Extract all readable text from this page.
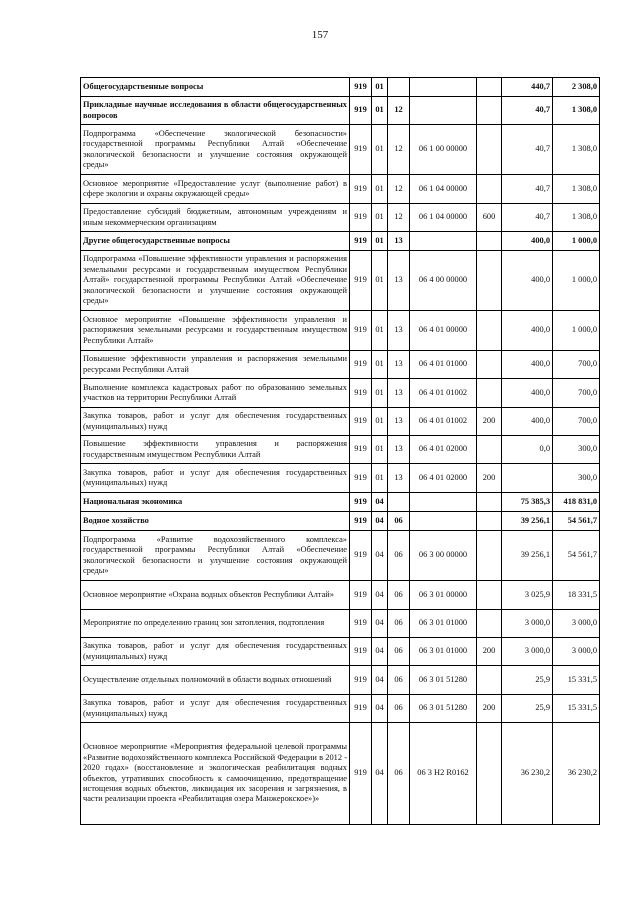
157
Общегосударственные вопросы	919	01				440,7	2 308,0
Прикладные научные исследования в области общегосударственных вопросов	919	01	12			40,7	1 308,0
Подпрограмма «Обеспечение экологической безопасности» государственной программы Республики Алтай «Обеспечение экологической безопасности и улучшение состояния окружающей среды»	919	01	12	06 1 00 00000		40,7	1 308,0
Основное мероприятие «Предоставление услуг (выполнение работ) в сфере экологии и охраны окружающей среды»	919	01	12	06 1 04 00000		40,7	1 308,0
Предоставление субсидий бюджетным, автономным учреждениям и иным некоммерческим организациям	919	01	12	06 1 04 00000	600	40,7	1 308,0
Другие общегосударственные вопросы	919	01	13			400,0	1 000,0
Подпрограмма «Повышение эффективности управления и распоряжения земельными ресурсами и государственным имуществом Республики Алтай» государственной программы Республики Алтай «Обеспечение экологической безопасности и улучшение состояния окружающей среды»	919	01	13	06 4 00 00000		400,0	1 000,0
Основное мероприятие «Повышение эффективности управления и распоряжения земельными ресурсами и государственным имуществом Республики Алтай»	919	01	13	06 4 01 00000		400,0	1 000,0
Повышение эффективности управления и распоряжения земельными ресурсами Республики Алтай	919	01	13	06 4 01 01000		400,0	700,0
Выполнение комплекса кадастровых работ по образованию земельных участков на территории Республики Алтай	919	01	13	06 4 01 01002		400,0	700,0
Закупка товаров, работ и услуг для обеспечения государственных (муниципальных) нужд	919	01	13	06 4 01 01002	200	400,0	700,0
Повышение эффективности управления и распоряжения государственным имуществом Республики Алтай	919	01	13	06 4 01 02000		0,0	300,0
Закупка товаров, работ и услуг для обеспечения государственных (муниципальных) нужд	919	01	13	06 4 01 02000	200		300,0
Национальная экономика	919	04				75 385,3	418 831,0
Водное хозяйство	919	04	06			39 256,1	54 561,7
Подпрограмма «Развитие водохозяйственного комплекса» государственной программы Республики Алтай «Обеспечение экологической безопасности и улучшение состояния окружающей среды»	919	04	06	06 3 00 00000		39 256,1	54 561,7
Основное мероприятие «Охрана водных объектов Республики Алтай»	919	04	06	06 3 01 00000		3 025,9	18 331,5
Мероприятие по определению границ зон затопления, подтопления	919	04	06	06 3 01 01000		3 000,0	3 000,0
Закупка товаров, работ и услуг для обеспечения государственных (муниципальных) нужд	919	04	06	06 3 01 01000	200	3 000,0	3 000,0
Осуществление отдельных полномочий в области водных отношений	919	04	06	06 3 01 51280		25,9	15 331,5
Закупка товаров, работ и услуг для обеспечения государственных (муниципальных) нужд	919	04	06	06 3 01 51280	200	25,9	15 331,5
Основное мероприятие «Мероприятия федеральной целевой программы «Развитие водохозяйственного комплекса Российской Федерации в 2012 - 2020 годах» (восстановление и экологическая реабилитация водных объектов, утративших способность к самоочищению, предотвращение истощения водных объектов, ликвидация их засорения и загрязнения, в части реализации проекта «Реабилитация озера Манжерокское»)»	919	04	06	06 3 Н2 R0162		36 230,2	36 230,2
